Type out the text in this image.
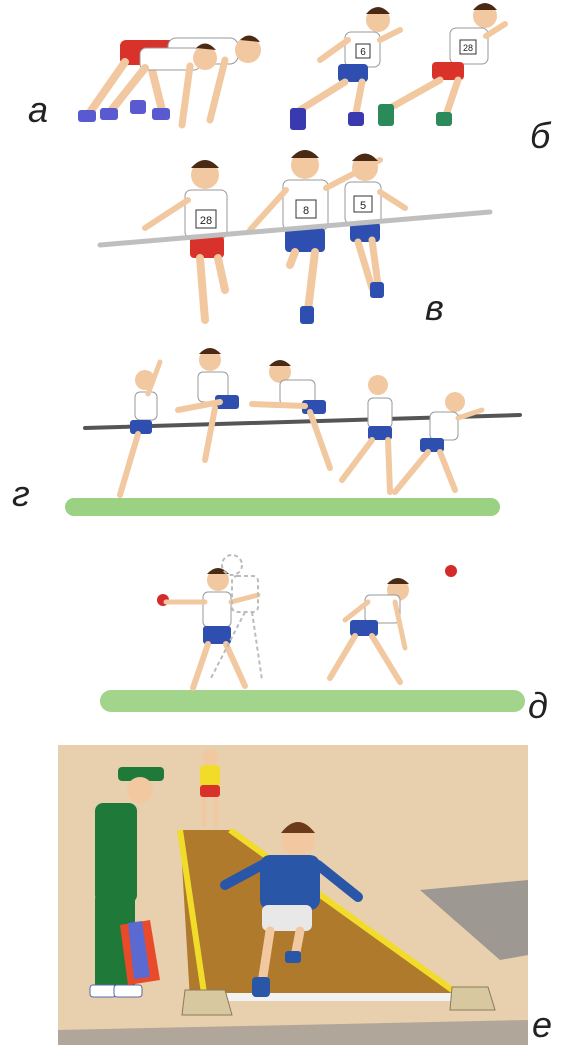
6	28
а
б
28
8	5
в
г
д
е
